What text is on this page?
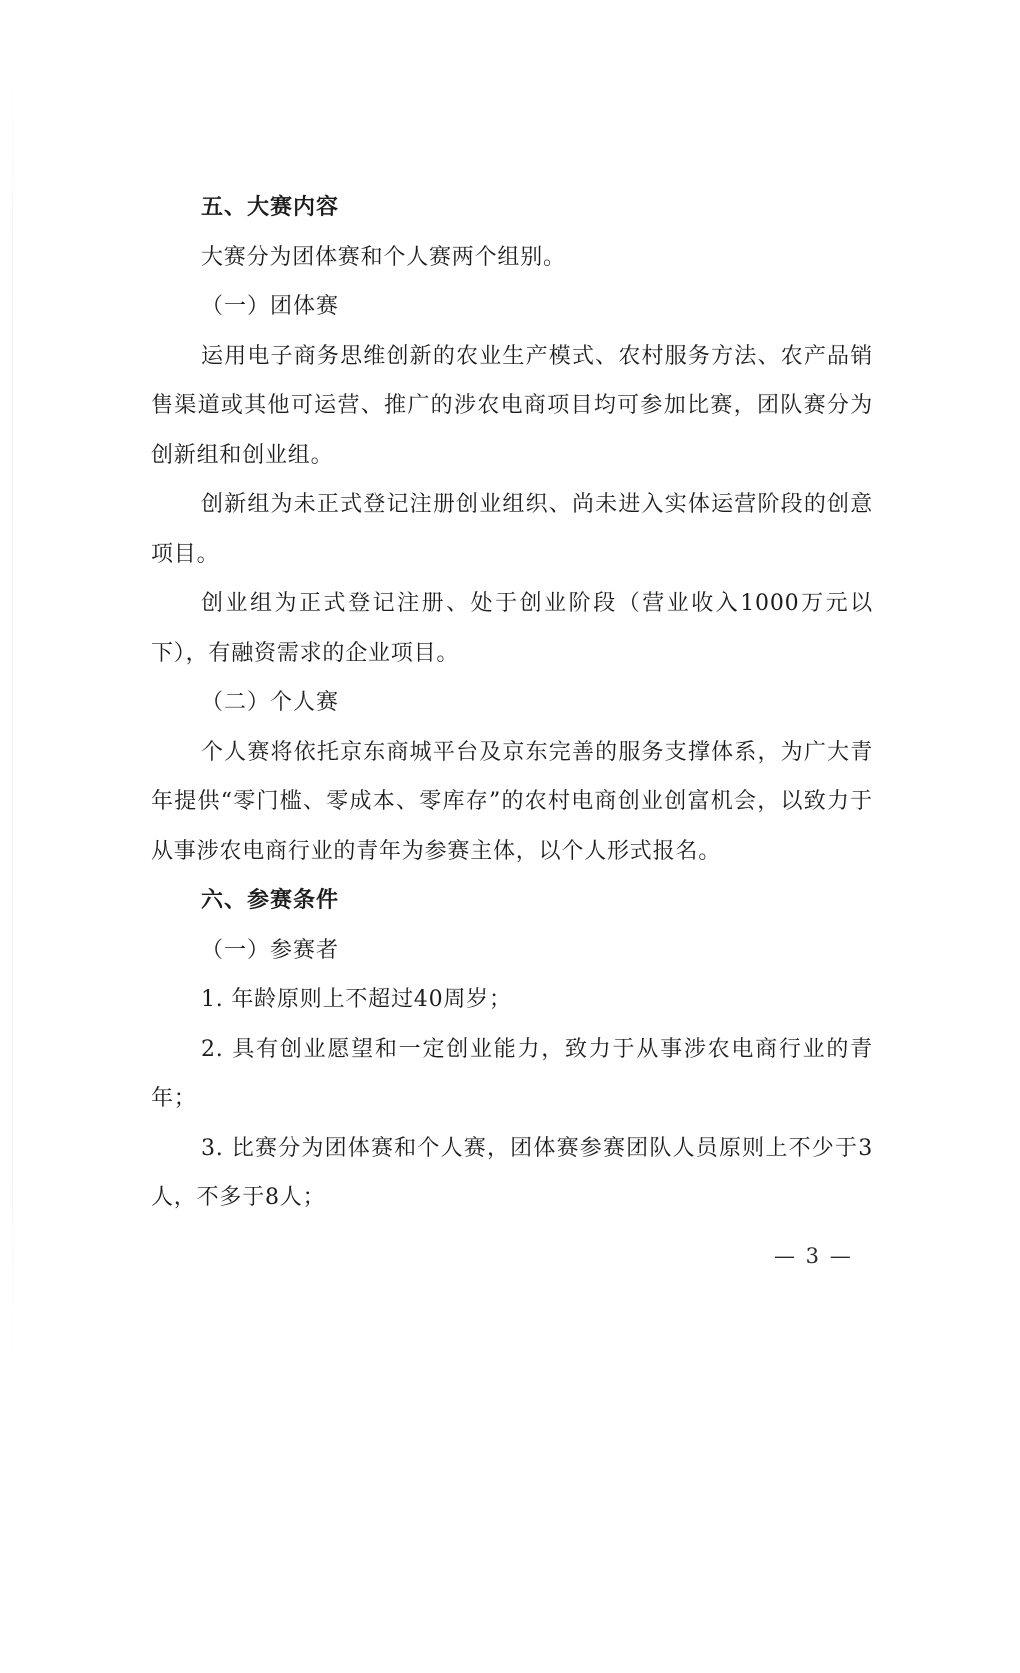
五、大赛内容

大赛分为团体赛和个人赛两个组别。

（一）团体赛

运用电子商务思维创新的农业生产模式、农村服务方法、农产品销售渠道或其他可运营、推广的涉农电商项目均可参加比赛，团队赛分为创新组和创业组。

创新组为未正式登记注册创业组织、尚未进入实体运营阶段的创意项目。

创业组为正式登记注册、处于创业阶段（营业收入1000万元以下），有融资需求的企业项目。

（二）个人赛

个人赛将依托京东商城平台及京东完善的服务支撑体系，为广大青年提供“零门槛、零成本、零库存”的农村电商创业创富机会，以致力于从事涉农电商行业的青年为参赛主体，以个人形式报名。

六、参赛条件

（一）参赛者

1. 年龄原则上不超过40周岁；

2. 具有创业愿望和一定创业能力，致力于从事涉农电商行业的青年；

3. 比赛分为团体赛和个人赛，团体赛参赛团队人员原则上不少于3人，不多于8人；

— 3 —
